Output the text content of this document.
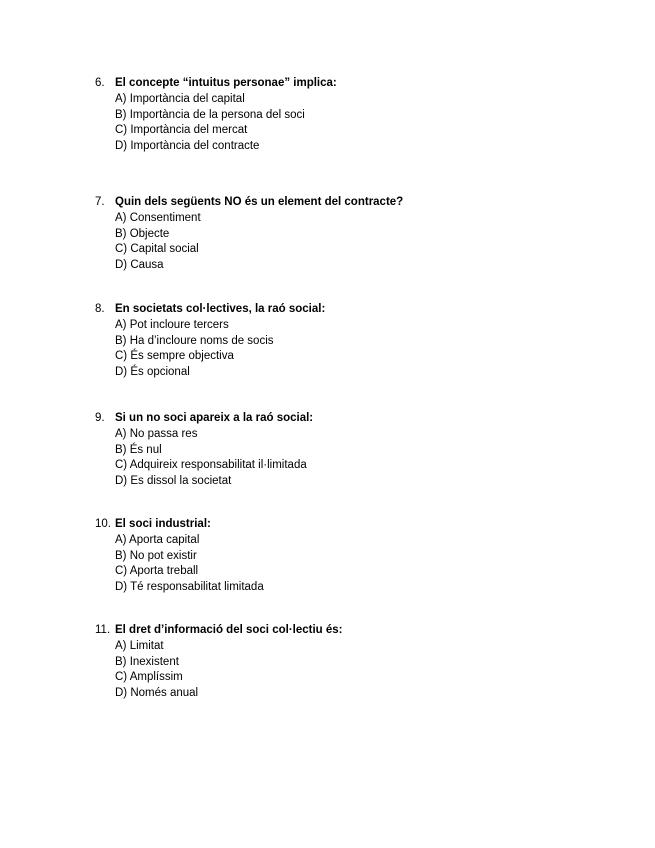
6. El concepte “intuitus personae” implica:
A) Importància del capital
B) Importància de la persona del soci
C) Importància del mercat
D) Importància del contracte
7. Quin dels següents NO és un element del contracte?
A) Consentiment
B) Objecte
C) Capital social
D) Causa
8. En societats col·lectives, la raó social:
A) Pot incloure tercers
B) Ha d’incloure noms de socis
C) És sempre objectiva
D) És opcional
9. Si un no soci apareix a la raó social:
A) No passa res
B) És nul
C) Adquireix responsabilitat il·limitada
D) Es dissol la societat
10. El soci industrial:
A) Aporta capital
B) No pot existir
C) Aporta treball
D) Té responsabilitat limitada
11. El dret d’informació del soci col·lectiu és:
A) Limitat
B) Inexistent
C) Amplíssim
D) Només anual
